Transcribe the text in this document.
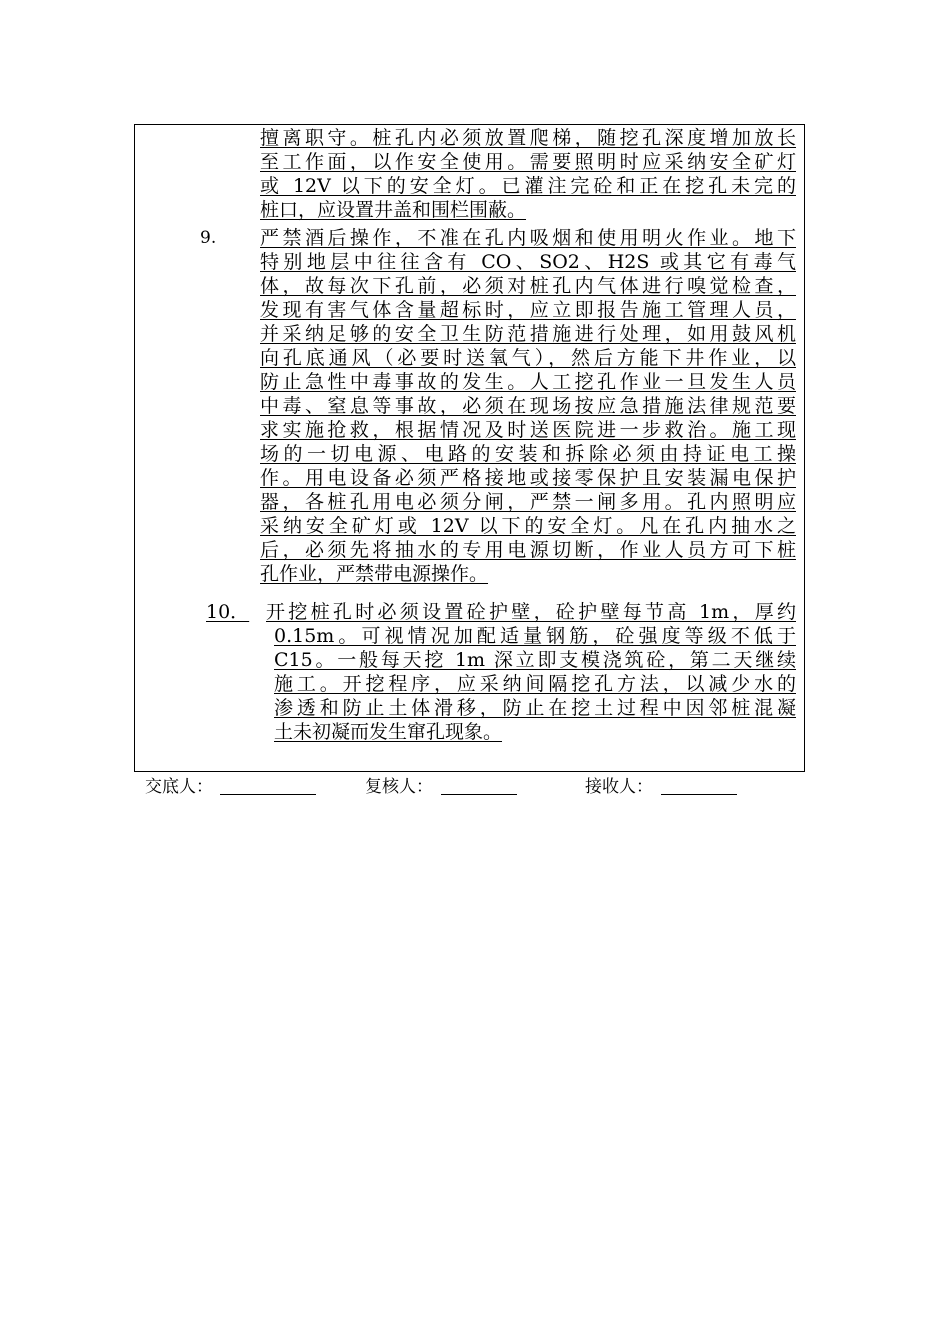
擅离职守。桩孔内必须放置爬梯，随挖孔深度增加放长
至工作面，以作安全使用。需要照明时应采纳安全矿灯
或 12V 以下的安全灯。已灌注完砼和正在挖孔未完的
桩口，应设置井盖和围栏围蔽。
9. 严禁酒后操作，不准在孔内吸烟和使用明火作业。地下
特别地层中往往含有 CO、SO2、H2S 或其它有毒气
体，故每次下孔前，必须对桩孔内气体进行嗅觉检查，
发现有害气体含量超标时，应立即报告施工管理人员，
并采纳足够的安全卫生防范措施进行处理，如用鼓风机
向孔底通风（必要时送氧气），然后方能下井作业，以
防止急性中毒事故的发生。人工挖孔作业一旦发生人员
中毒、窒息等事故，必须在现场按应急措施法律规范要
求实施抢救，根据情况及时送医院进一步救治。施工现
场的一切电源、电路的安装和拆除必须由持证电工操
作。用电设备必须严格接地或接零保护且安装漏电保护
器，各桩孔用电必须分闸，严禁一闸多用。孔内照明应
采纳安全矿灯或 12V 以下的安全灯。凡在孔内抽水之
后，必须先将抽水的专用电源切断，作业人员方可下桩
孔作业，严禁带电源操作。
10． 开挖桩孔时必须设置砼护壁，砼护壁每节高 1m，厚约
0.15m。可视情况加配适量钢筋，砼强度等级不低于
C15。一般每天挖 1m 深立即支模浇筑砼，第二天继续
施工。开挖程序，应采纳间隔挖孔方法，以减少水的
渗透和防止土体滑移，防止在挖土过程中因邻桩混凝
土未初凝而发生窜孔现象。
交底人：	复核人：	接收人：
